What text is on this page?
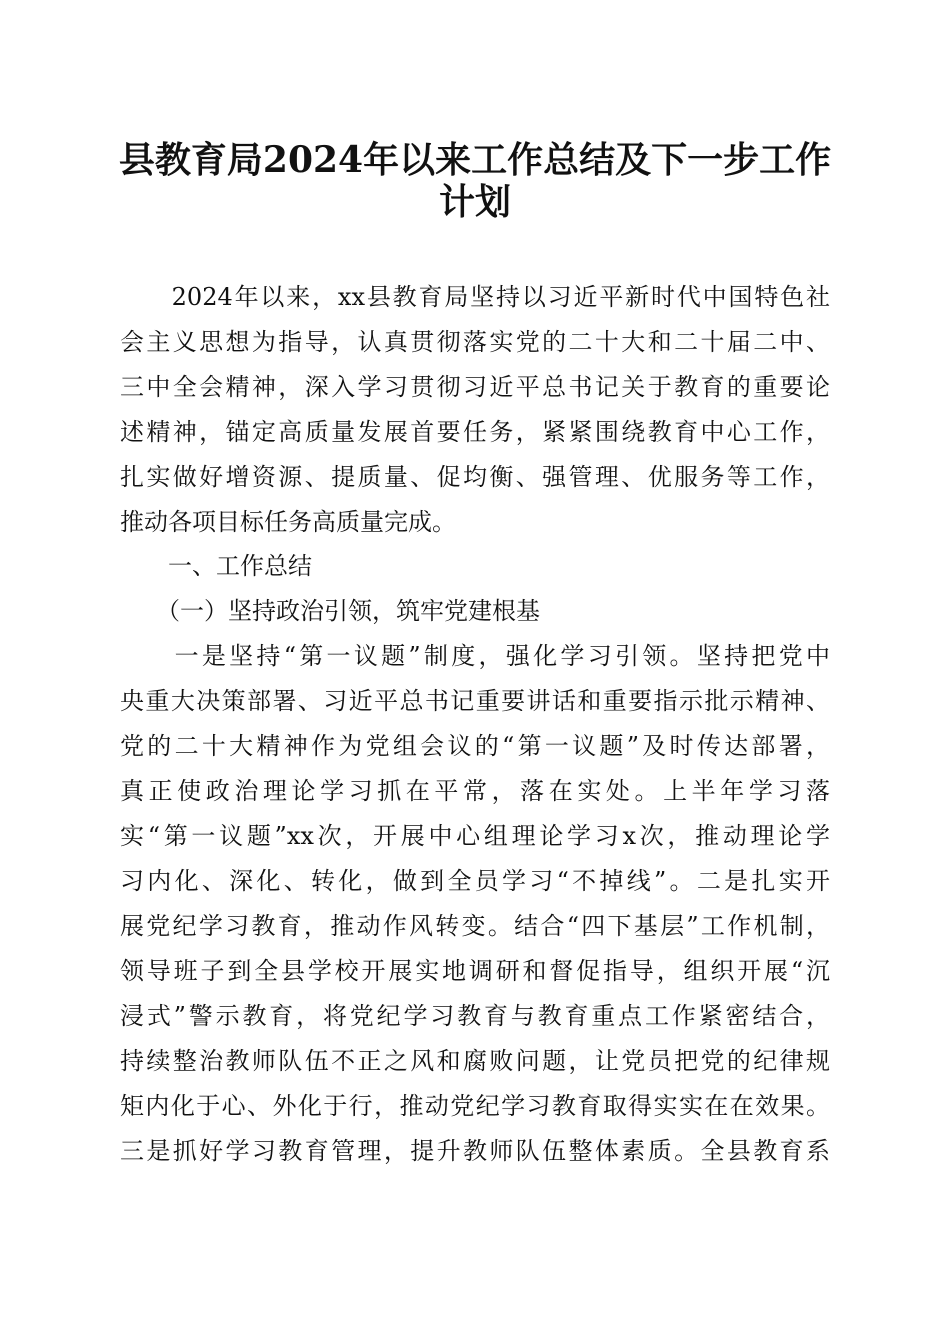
县教育局2024年以来工作总结及下一步工作
计划
　　2024年以来，xx县教育局坚持以习近平新时代中国特色社
会主义思想为指导，认真贯彻落实党的二十大和二十届二中、
三中全会精神，深入学习贯彻习近平总书记关于教育的重要论
述精神，锚定高质量发展首要任务，紧紧围绕教育中心工作，
扎实做好增资源、提质量、促均衡、强管理、优服务等工作，
推动各项目标任务高质量完成。
　　一、工作总结
　　（一）坚持政治引领，筑牢党建根基
　　一是坚持“第一议题”制度，强化学习引领。坚持把党中
央重大决策部署、习近平总书记重要讲话和重要指示批示精神、
党的二十大精神作为党组会议的“第一议题”及时传达部署，
真正使政治理论学习抓在平常，落在实处。上半年学习落
实“第一议题”xx次，开展中心组理论学习x次，推动理论学
习内化、深化、转化，做到全员学习“不掉线”。二是扎实开
展党纪学习教育，推动作风转变。结合“四下基层”工作机制，
领导班子到全县学校开展实地调研和督促指导，组织开展“沉
浸式”警示教育，将党纪学习教育与教育重点工作紧密结合，
持续整治教师队伍不正之风和腐败问题，让党员把党的纪律规
矩内化于心、外化于行，推动党纪学习教育取得实实在在效果。
三是抓好学习教育管理，提升教师队伍整体素质。全县教育系
